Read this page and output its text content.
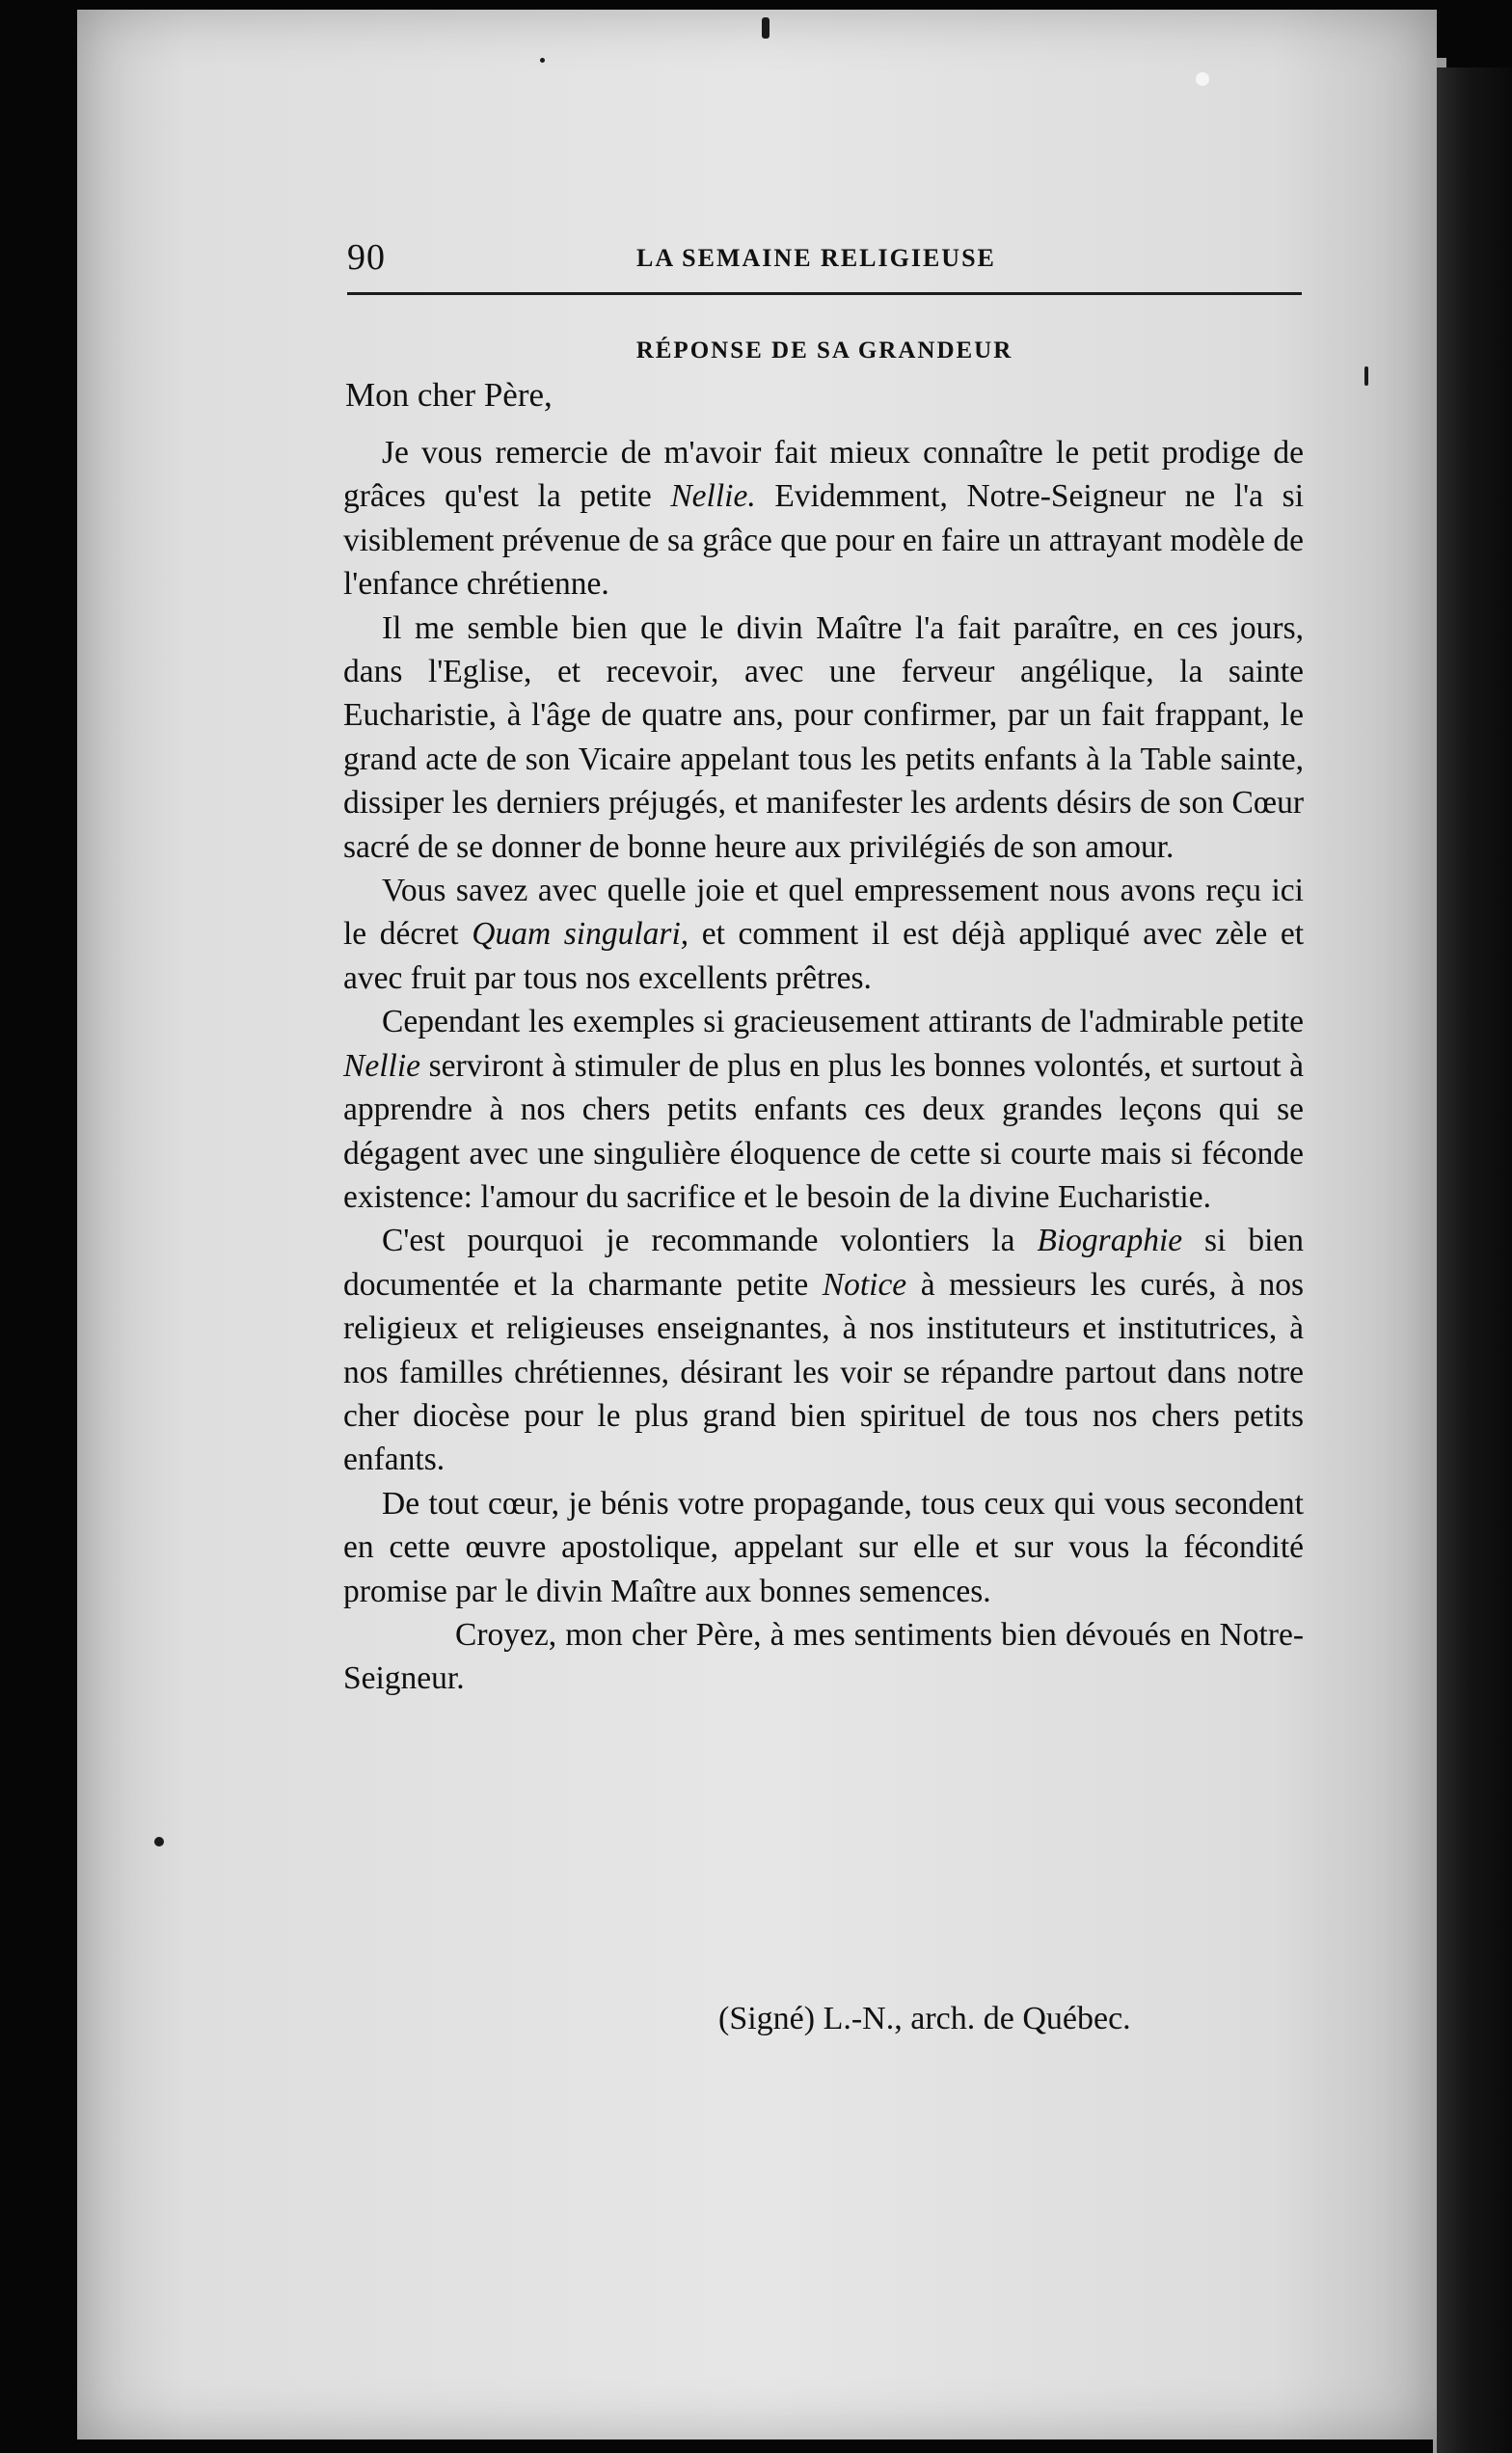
90	LA SEMAINE RELIGIEUSE
RÉPONSE DE SA GRANDEUR
Mon cher Père,

Je vous remercie de m'avoir fait mieux connaître le petit prodige de grâces qu'est la petite Nellie. Evidemment, Notre-Seigneur ne l'a si visiblement prévenue de sa grâce que pour en faire un attrayant modèle de l'enfance chrétienne.

Il me semble bien que le divin Maître l'a fait paraître, en ces jours, dans l'Eglise, et recevoir, avec une ferveur angélique, la sainte Eucharistie, à l'âge de quatre ans, pour confirmer, par un fait frappant, le grand acte de son Vicaire appelant tous les petits enfants à la Table sainte, dissiper les derniers préjugés, et manifester les ardents désirs de son Cœur sacré de se donner de bonne heure aux privilégiés de son amour.

Vous savez avec quelle joie et quel empressement nous avons reçu ici le décret Quam singulari, et comment il est déjà appliqué avec zèle et avec fruit par tous nos excellents prêtres.

Cependant les exemples si gracieusement attirants de l'admirable petite Nellie serviront à stimuler de plus en plus les bonnes volontés, et surtout à apprendre à nos chers petits enfants ces deux grandes leçons qui se dégagent avec une singulière éloquence de cette si courte mais si féconde existence: l'amour du sacrifice et le besoin de la divine Eucharistie.

C'est pourquoi je recommande volontiers la Biographie si bien documentée et la charmante petite Notice à messieurs les curés, à nos religieux et religieuses enseignantes, à nos instituteurs et institutrices, à nos familles chrétiennes, désirant les voir se répandre partout dans notre cher diocèse pour le plus grand bien spirituel de tous nos chers petits enfants.

De tout cœur, je bénis votre propagande, tous ceux qui vous secondent en cette œuvre apostolique, appelant sur elle et sur vous la fécondité promise par le divin Maître aux bonnes semences.

Croyez, mon cher Père, à mes sentiments bien dévoués en Notre-Seigneur.

(Signé) L.-N., arch. de Québec.
